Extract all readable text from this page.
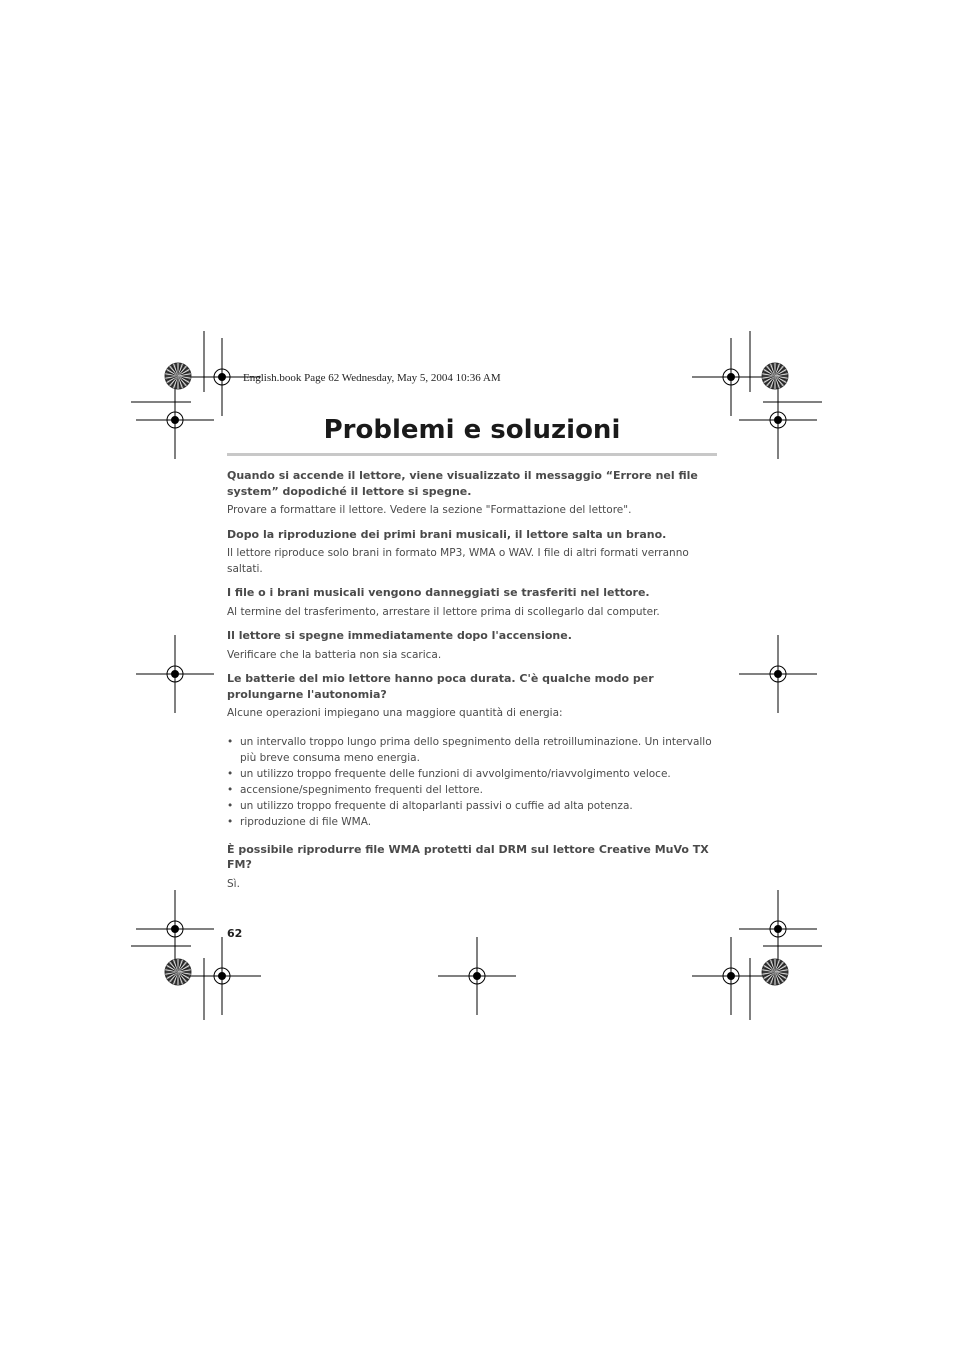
English.book Page 62 Wednesday, May 5, 2004 10:36 AM
Problemi e soluzioni

Quando si accende il lettore, viene visualizzato il messaggio “Errore nel file system” dopodiché il lettore si spegne.

Provare a formattare il lettore. Vedere la sezione "Formattazione del lettore".

Dopo la riproduzione dei primi brani musicali, il lettore salta un brano.

Il lettore riproduce solo brani in formato MP3, WMA o WAV. I file di altri formati verranno saltati.

I file o i brani musicali vengono danneggiati se trasferiti nel lettore.

Al termine del trasferimento, arrestare il lettore prima di scollegarlo dal computer.

Il lettore si spegne immediatamente dopo l'accensione.

Verificare che la batteria non sia scarica.

Le batterie del mio lettore hanno poca durata. C'è qualche modo per prolungarne l'autonomia?

Alcune operazioni impiegano una maggiore quantità di energia:

• un intervallo troppo lungo prima dello spegnimento della retroilluminazione. Un intervallo più breve consuma meno energia.
• un utilizzo troppo frequente delle funzioni di avvolgimento/riavvolgimento veloce.
• accensione/spegnimento frequenti del lettore.
• un utilizzo troppo frequente di altoparlanti passivi o cuffie ad alta potenza.
• riproduzione di file WMA.

È possibile riprodurre file WMA protetti dal DRM sul lettore Creative MuVo TX FM?

Sì.

62
